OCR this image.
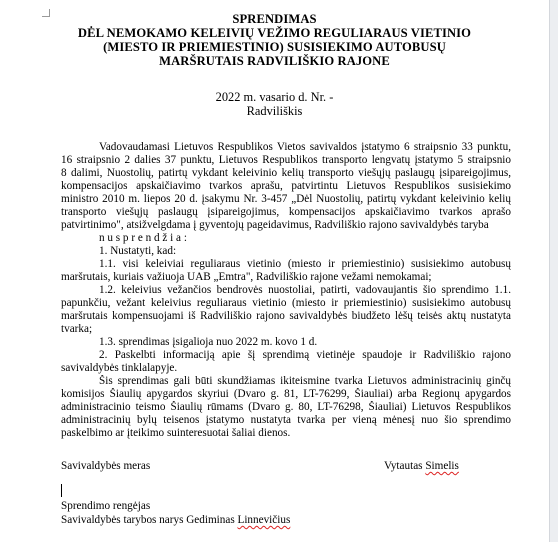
SPRENDIMAS
DĖL NEMOKAMO KELEIVIŲ VEŽIMO REGULIARAUS VIETINIO
(MIESTO IR PRIEMIESTINIO) SUSISIEKIMO AUTOBUSŲ
MARŠRUTAIS RADVILIŠKIO RAJONE
2022 m. vasario d. Nr. -
Radviliškis
Vadovaudamasi Lietuvos Respublikos Vietos savivaldos įstatymo 6 straipsnio 33 punktu,
16 straipsnio 2 dalies 37 punktu, Lietuvos Respublikos transporto lengvatų įstatymo 5 straipsnio
8 dalimi, Nuostolių, patirtų vykdant keleivinio kelių transporto viešųjų paslaugų įsipareigojimus,
kompensacijos apskaičiavimo tvarkos aprašu, patvirtintu Lietuvos Respublikos susisiekimo
ministro 2010 m. liepos 20 d. įsakymu Nr. 3-457 „Dėl Nuostolių, patirtų vykdant keleivinio kelių
transporto viešųjų paslaugų įsipareigojimus, kompensacijos apskaičiavimo tvarkos aprašo
patvirtinimo", atsižvelgdama į gyventojų pageidavimus, Radviliškio rajono savivaldybės taryba
n u s p r e n d ž i a :
1. Nustatyti, kad:
1.1. visi keleiviai reguliaraus vietinio (miesto ir priemiestinio) susisiekimo autobusų
maršrutais, kuriais važiuoja UAB „Emtra", Radviliškio rajone vežami nemokamai;
1.2. keleivius vežančios bendrovės nuostoliai, patirti, vadovaujantis šio sprendimo 1.1.
papunkčiu, vežant keleivius reguliaraus vietinio (miesto ir priemiestinio) susisiekimo autobusų
maršrutais kompensuojami iš Radviliškio rajono savivaldybės biudžeto lėšų teisės aktų nustatyta
tvarka;
1.3. sprendimas įsigalioja nuo 2022 m. kovo 1 d.
2. Paskelbti informaciją apie šį sprendimą vietinėje spaudoje ir Radviliškio rajono
savivaldybės tinklalapyje.
Šis sprendimas gali būti skundžiamas ikiteismine tvarka Lietuvos administracinių ginčų
komisijos Šiaulių apygardos skyriui (Dvaro g. 81, LT-76299, Šiauliai) arba Regionų apygardos
administracinio teismo Šiaulių rūmams (Dvaro g. 80, LT-76298, Šiauliai) Lietuvos Respublikos
administracinių bylų teisenos įstatymo nustatyta tvarka per vieną mėnesį nuo šio sprendimo
paskelbimo ar įteikimo suinteresuotai šaliai dienos.
Savivaldybės meras	Vytautas Simelis
Sprendimo rengėjas
Savivaldybės tarybos narys Gediminas Linnevičius
